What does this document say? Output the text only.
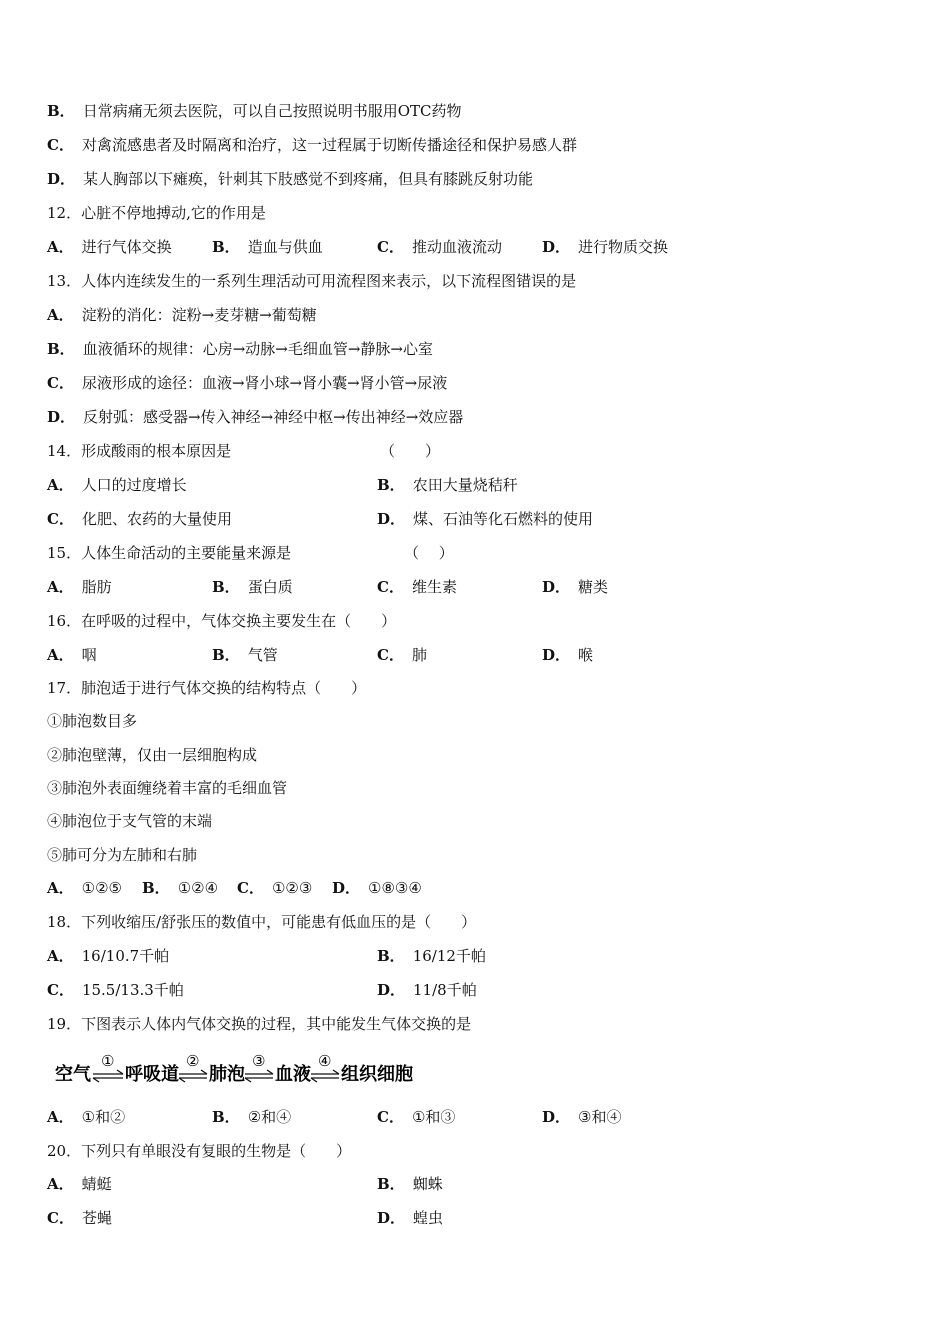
B． 日常病痛无须去医院，可以自己按照说明书服用OTC药物
C． 对禽流感患者及时隔离和治疗，这一过程属于切断传播途径和保护易感人群
D． 某人胸部以下瘫痪，针刺其下肢感觉不到疼痛，但具有膝跳反射功能
12．心脏不停地搏动,它的作用是
A． 进行气体交换	B． 造血与供血	C． 推动血液流动	D． 进行物质交换
13．人体内连续发生的一系列生理活动可用流程图来表示，以下流程图错误的是
A． 淀粉的消化：淀粉→麦芽糖→葡萄糖
B． 血液循环的规律：心房→动脉→毛细血管→静脉→心室
C． 尿液形成的途径：血液→肾小球→肾小囊→肾小管→尿液
D． 反射弧：感受器→传入神经→神经中枢→传出神经→效应器
14．形成酸雨的根本原因是	（　　）
A． 人口的过度增长	B． 农田大量烧秸秆
C． 化肥、农药的大量使用	D． 煤、石油等化石燃料的使用
15．人体生命活动的主要能量来源是	（　 ）
A． 脂肪	B． 蛋白质	C． 维生素	D． 糖类
16．在呼吸的过程中，气体交换主要发生在（　　）
A． 咽	B． 气管	C． 肺	D． 喉
17．肺泡适于进行气体交换的结构特点（　　）
①肺泡数目多
②肺泡壁薄，仅由一层细胞构成
③肺泡外表面缠绕着丰富的毛细血管
④肺泡位于支气管的末端
⑤肺可分为左肺和右肺
A． ①②⑤ B． ①②④ C． ①②③ D． ①⑧③④
18．下列收缩压/舒张压的数值中，可能患有低血压的是（　　）
A． 16/10.7千帕	B． 16/12千帕
C． 15.5/13.3千帕	D． 11/8千帕
19．下图表示人体内气体交换的过程，其中能发生气体交换的是
空气
①
呼吸道
②
肺泡
③
血液
④
组织细胞
A． ①和②	B． ②和④	C． ①和③	D． ③和④
20．下列只有单眼没有复眼的生物是（　　）
A． 蜻蜓	B． 蜘蛛
C． 苍蝇	D． 蝗虫
